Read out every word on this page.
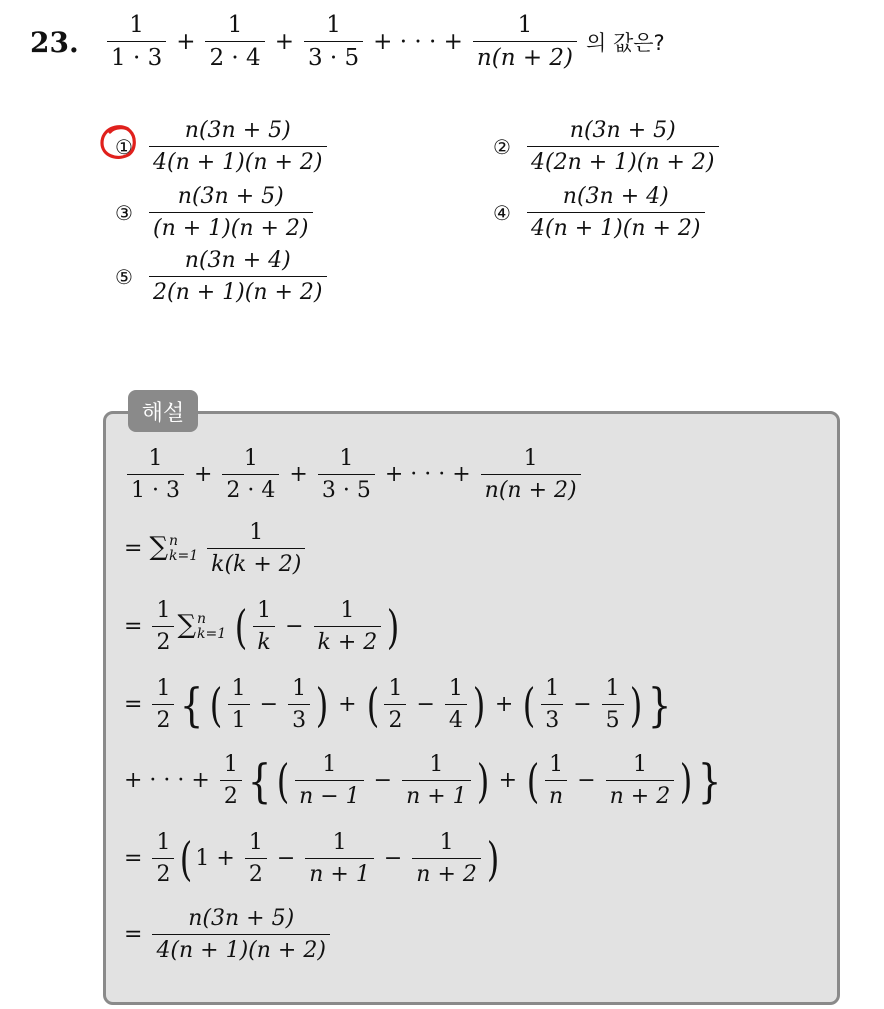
23. $\frac{1}{1 \cdot 3} + \frac{1}{2 \cdot 4} + \frac{1}{3 \cdot 5}$ + · · · + $\frac{1}{n(n + 2)}$ 의 값은?
① $\frac{n(3n + 5)}{4(n + 1)(n + 2)}$	② $\frac{n(3n + 5)}{4(2n + 1)(n + 2)}$
③ $\frac{n(3n + 5)}{(n + 1)(n + 2)}$	④ $\frac{n(3n + 4)}{4(n + 1)(n + 2)}$
⑤ $\frac{n(3n + 4)}{2(n + 1)(n + 2)}$
해설
$\frac{1}{1 \cdot 3} + \frac{1}{2 \cdot 4} + \frac{1}{3 \cdot 5}$ + · · · + $\frac{1}{n(n + 2)}$
= ∑ n
$k=1 \frac{1}{k(k + 2)}$
= $\frac{1}{2}$ ∑ n
k=1 ( $\frac{1}{k} - \frac{1}{k + 2}$ )
= $\frac{1}{2}$ { ( $\frac{1}{1} - \frac{1}{3}$ ) + ( $\frac{1}{2} - \frac{1}{4}$ ) + ( $\frac{1}{3} - \frac{1}{5}$ ) }
+ · · · + $\frac{1}{2}$ { ( $\frac{1}{n - 1} - \frac{1}{n + 1}$ ) + ( $\frac{1}{n} - \frac{1}{n + 2}$ ) }
= $\frac{1}{2}$ ( $1 + \frac{1}{2} - \frac{1}{n + 1} - \frac{1}{n + 2}$ )
= $\frac{n(3n + 5)}{4(n + 1)(n + 2)}$
